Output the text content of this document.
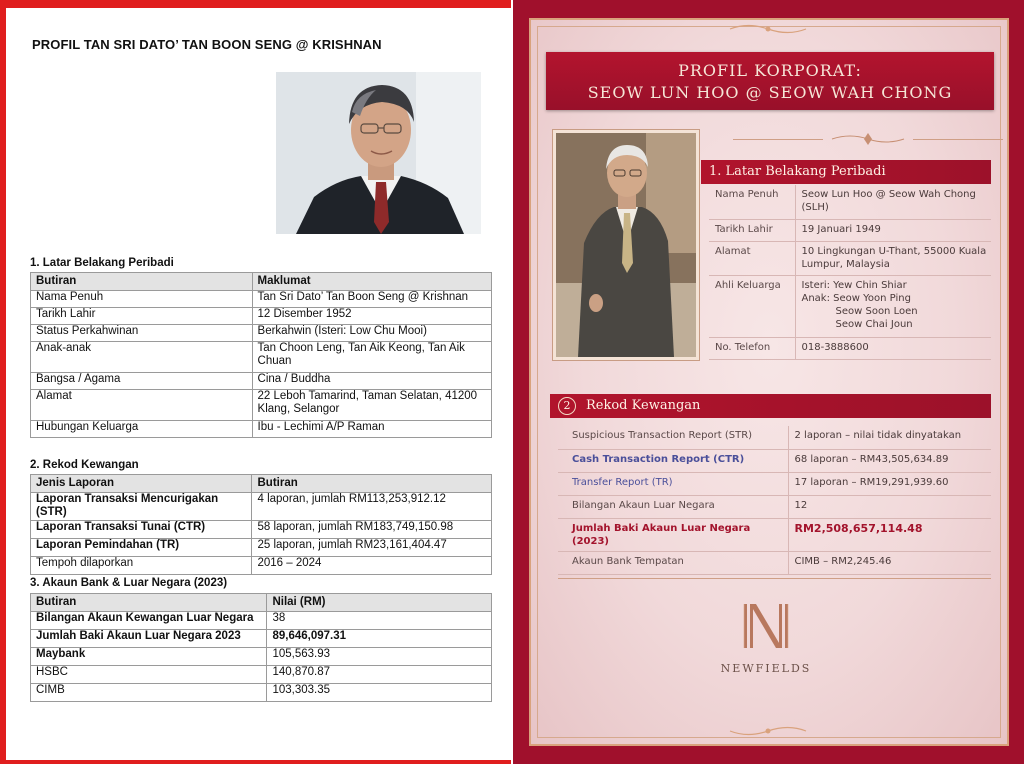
PROFIL TAN SRI DATO’ TAN BOON SENG @ KRISHNAN
1. Latar Belakang Peribadi
Butiran	Maklumat
Nama Penuh	Tan Sri Dato’ Tan Boon Seng @ Krishnan
Tarikh Lahir	12 Disember 1952
Status Perkahwinan	Berkahwin (Isteri: Low Chu Mooi)
Anak-anak	Tan Choon Leng, Tan Aik Keong, Tan Aik Chuan
Bangsa / Agama	Cina / Buddha
Alamat	22 Leboh Tamarind, Taman Selatan, 41200 Klang, Selangor
Hubungan Keluarga	Ibu - Lechimi A/P Raman
2. Rekod Kewangan
Jenis Laporan	Butiran
Laporan Transaksi Mencurigakan (STR)	4 laporan, jumlah RM113,253,912.12
Laporan Transaksi Tunai (CTR)	58 laporan, jumlah RM183,749,150.98
Laporan Pemindahan (TR)	25 laporan, jumlah RM23,161,404.47
Tempoh dilaporkan	2016 – 2024
3. Akaun Bank & Luar Negara (2023)
Butiran	Nilai (RM)
Bilangan Akaun Kewangan Luar Negara	38
Jumlah Baki Akaun Luar Negara 2023	89,646,097.31
Maybank	105,563.93
HSBC	140,870.87
CIMB	103,303.35
PROFIL KORPORAT:
SEOW LUN HOO @ SEOW WAH CHONG
1. Latar Belakang Peribadi
Nama Penuh	Seow Lun Hoo @ Seow Wah Chong (SLH)
Tarikh Lahir	19 Januari 1949
Alamat	10 Lingkungan U-Thant, 55000 Kuala Lumpur, Malaysia
Ahli Keluarga	Isteri: Yew Chin Shiar
Anak: Seow Yoon Ping
Seow Soon Loen
Seow Chai Joun

No. Telefon	018-3888600
2	Rekod Kewangan
Suspicious Transaction Report (STR)	2 laporan – nilai tidak dinyatakan
Cash Transaction Report (CTR)	68 laporan – RM43,505,634.89
Transfer Report (TR)	17 laporan – RM19,291,939.60
Bilangan Akaun Luar Negara	12
Jumlah Baki Akaun Luar Negara (2023)	RM2,508,657,114.48
Akaun Bank Tempatan	CIMB – RM2,245.46
NEWFIELDS
